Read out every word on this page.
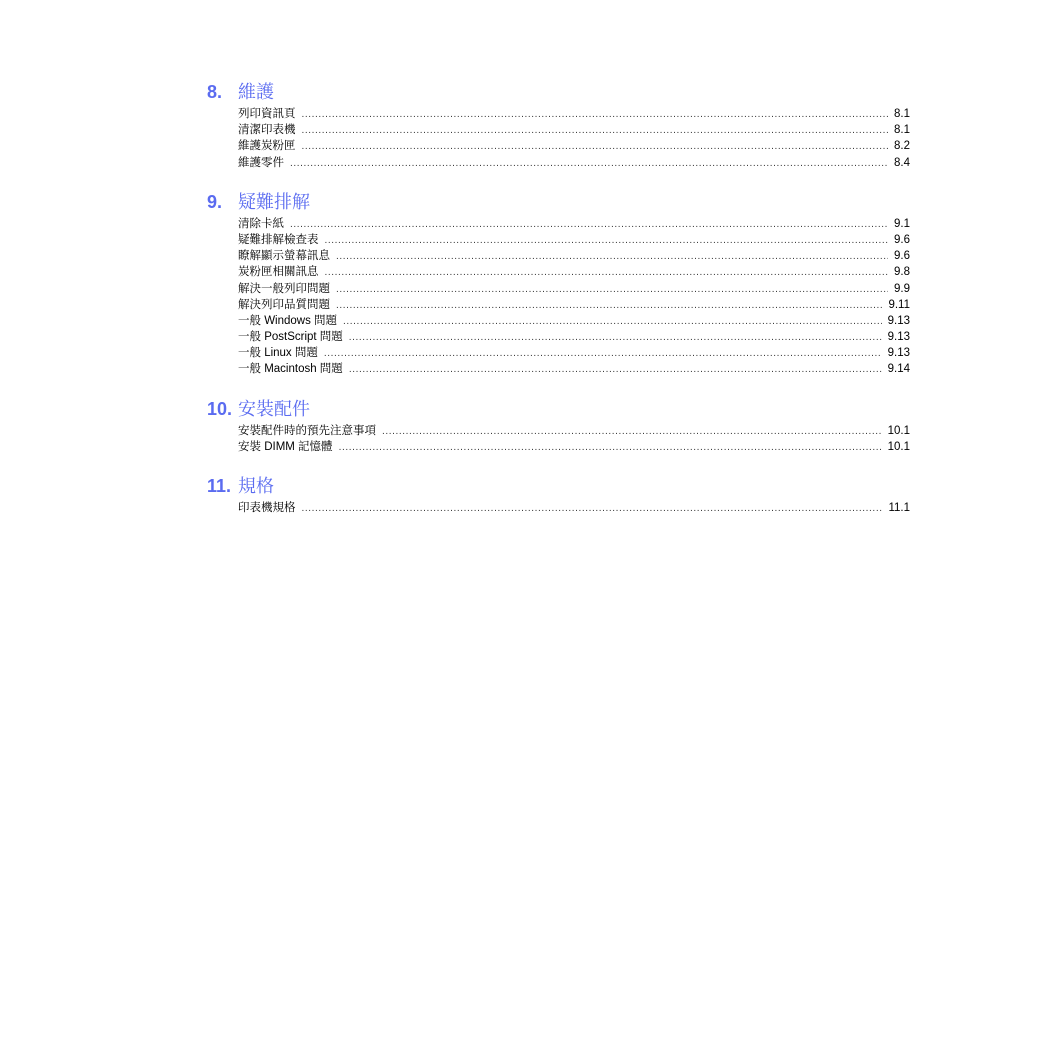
8. 維護
列印資訊頁 .....	8.1
清潔印表機 .....	8.1
維護炭粉匣 .....	8.2
維護零件 .....	8.4
9. 疑難排解
清除卡紙 .....	9.1
疑難排解檢查表 .....	9.6
瞭解顯示螢幕訊息 .....	9.6
炭粉匣相關訊息 .....	9.8
解決一般列印問題 .....	9.9
解決列印品質問題 .....	9.11
一般 Windows 問題 .....	9.13
一般 PostScript 問題 .....	9.13
一般 Linux 問題 .....	9.13
一般 Macintosh 問題 .....	9.14
10. 安裝配件
安裝配件時的預先注意事項 .....	10.1
安裝 DIMM 記憶體 .....	10.1
11. 規格
印表機規格 .....	11.1
